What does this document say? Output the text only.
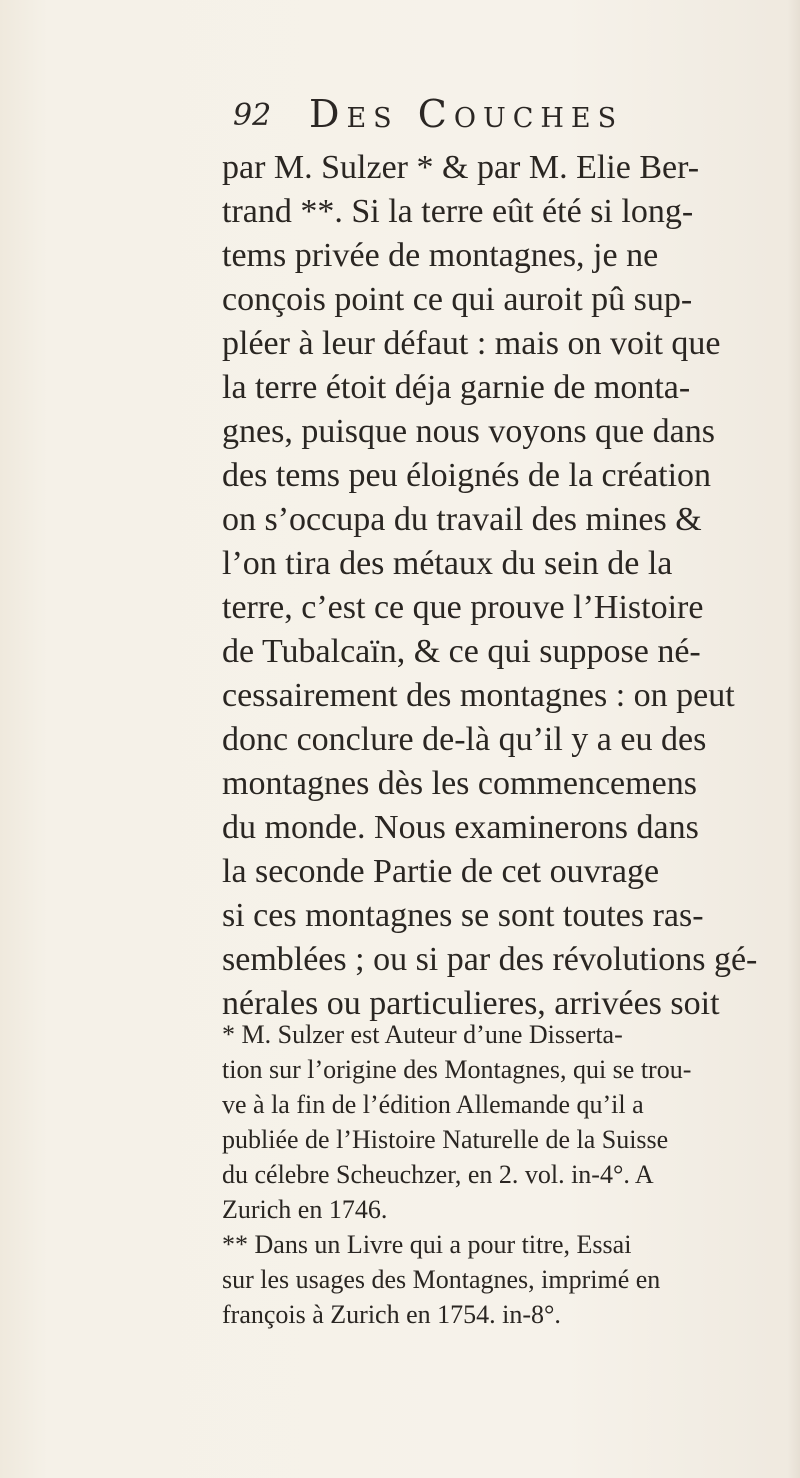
92 Des Couches
par M. Sulzer * & par M. Elie Ber-
trand **. Si la terre eût été si long-
tems privée de montagnes, je ne
conçois point ce qui auroit pû sup-
pléer à leur défaut : mais on voit que
la terre étoit déja garnie de monta-
gnes, puisque nous voyons que dans
des tems peu éloignés de la création
on s’occupa du travail des mines &
l’on tira des métaux du sein de la
terre, c’est ce que prouve l’Histoire
de Tubalcaïn, & ce qui suppose né-
cessairement des montagnes : on peut
donc conclure de-là qu’il y a eu des
montagnes dès les commencemens
du monde. Nous examinerons dans
la seconde Partie de cet ouvrage
si ces montagnes se sont toutes ras-
semblées ; ou si par des révolutions gé-
nérales ou particulieres, arrivées soit
* M. Sulzer est Auteur d’une Disserta-
tion sur l’origine des Montagnes, qui se trou-
ve à la fin de l’édition Allemande qu’il a
publiée de l’Histoire Naturelle de la Suisse
du célebre Scheuchzer, en 2. vol. in-4°. A
Zurich en 1746.
** Dans un Livre qui a pour titre, Essai
sur les usages des Montagnes, imprimé en
françois à Zurich en 1754. in-8°.
